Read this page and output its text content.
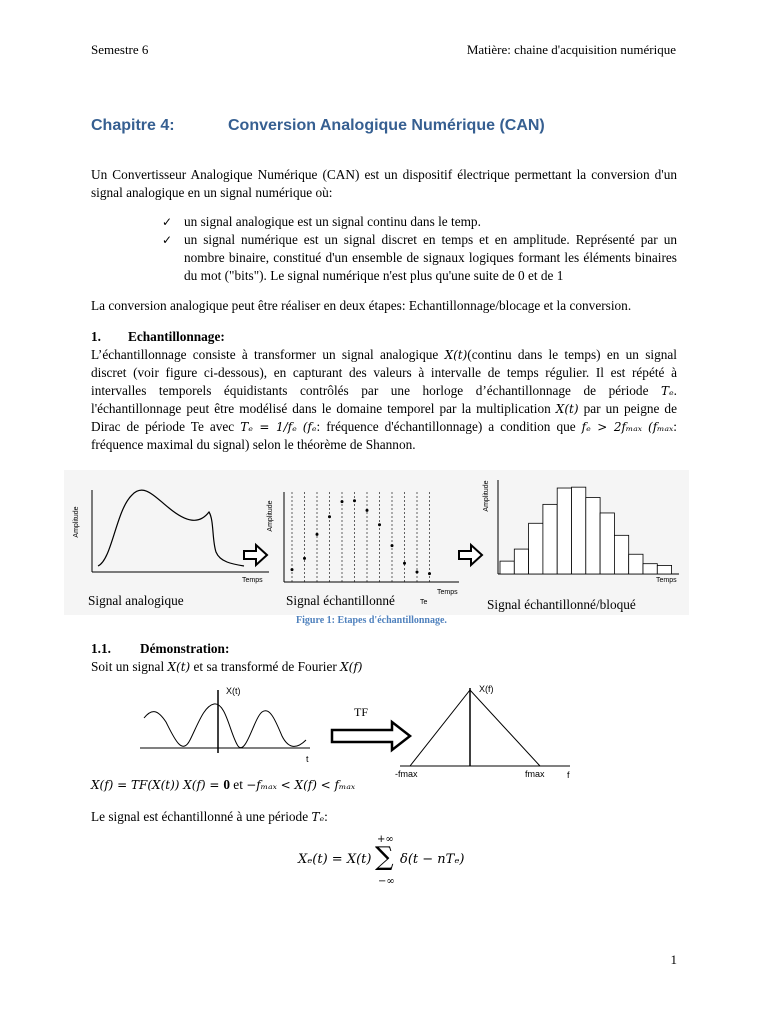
Semestre 6	Matière: chaine d'acquisition numérique
Chapitre 4:	Conversion Analogique Numérique (CAN)
Un Convertisseur Analogique Numérique (CAN) est un dispositif électrique permettant la conversion d'un signal analogique en un signal numérique où:
✓ un signal analogique est un signal continu dans le temp.
✓ un signal numérique est un signal discret en temps et en amplitude. Représenté par un nombre binaire, constitué d'un ensemble de signaux logiques formant les éléments binaires du mot ("bits"). Le signal numérique n'est plus qu'une suite de 0 et de 1
La conversion analogique peut être réaliser en deux étapes: Echantillonnage/blocage et la conversion.
1. Echantillonnage:
L’échantillonnage consiste à transformer un signal analogique X(t)(continu dans le temps) en un signal discret (voir figure ci-dessous), en capturant des valeurs à intervalle de temps régulier. Il est répété à intervalles temporels équidistants contrôlés par une horloge d’échantillonnage de période Tₑ. l'échantillonnage peut être modélisé dans le domaine temporel par la multiplication X(t) par un peigne de Dirac de période Te avec Tₑ = 1/fₑ (fₑ: fréquence d'échantillonnage) a condition que fₑ > 2fₘₐₓ (fₘₐₓ: fréquence maximal du signal) selon le théorème de Shannon.
Amplitude
Temps
Amplitude
Temps
Te
Amplitude
Temps
Signal analogique	Signal échantillonné	Signal échantillonné/bloqué
Figure 1: Etapes d'échantillonnage.
1.1. Démonstration:
Soit un signal X(t) et sa transformé de Fourier X(f)
X(t)
t
TF
X(f)
-fmax	fmax f
X(f) = TF(X(t)) X(f) = 0 et −fₘₐₓ < X(f) < fₘₐₓ
Le signal est échantillonné à une période Tₑ:
Xₑ(t) = X(t)
+∞
∑
−∞
δ(t − nTₑ)
1
